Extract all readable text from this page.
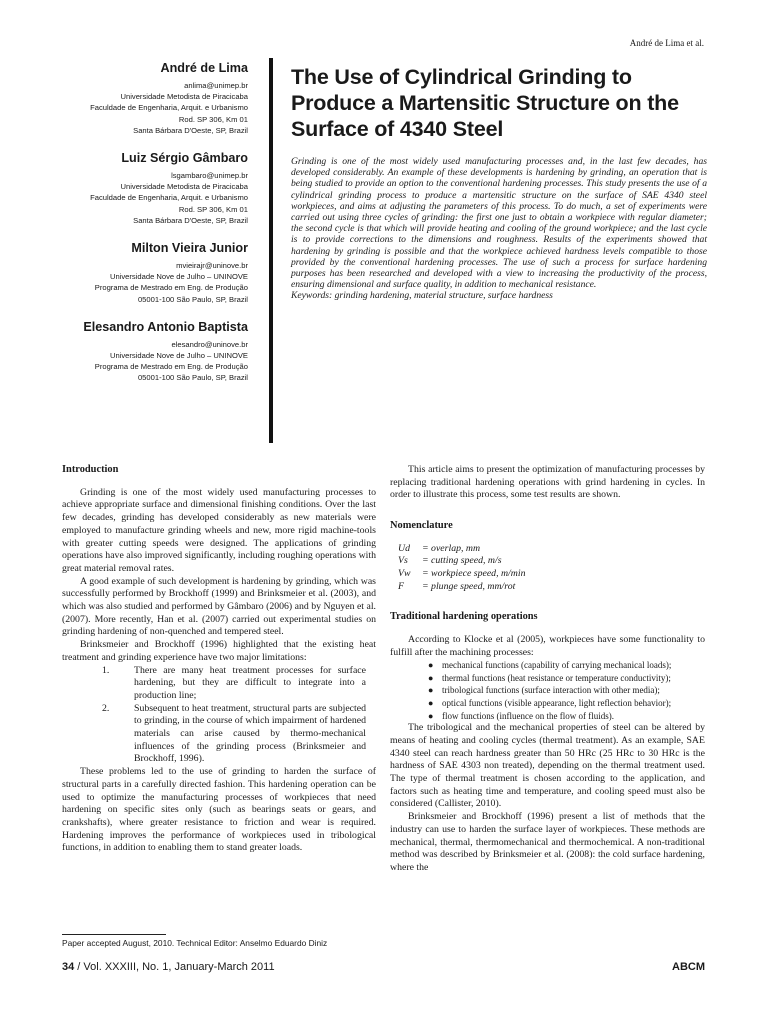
André de Lima et al.
André de Lima
anlima@unimep.br
Universidade Metodista de Piracicaba
Faculdade de Engenharia, Arquit. e Urbanismo
Rod. SP 306, Km 01
Santa Bárbara D'Oeste, SP, Brazil
Luiz Sérgio Gâmbaro
lsgambaro@unimep.br
Universidade Metodista de Piracicaba
Faculdade de Engenharia, Arquit. e Urbanismo
Rod. SP 306, Km 01
Santa Bárbara D'Oeste, SP, Brazil
Milton Vieira Junior
mvieirajr@uninove.br
Universidade Nove de Julho – UNINOVE
Programa de Mestrado em Eng. de Produção
05001-100 São Paulo, SP, Brazil
Elesandro Antonio Baptista
elesandro@uninove.br
Universidade Nove de Julho – UNINOVE
Programa de Mestrado em Eng. de Produção
05001-100 São Paulo, SP, Brazil
The Use of Cylindrical Grinding to Produce a Martensitic Structure on the Surface of 4340 Steel
Grinding is one of the most widely used manufacturing processes and, in the last few decades, has developed considerably. An example of these developments is hardening by grinding, an operation that is being studied to provide an option to the conventional hardening processes. This study presents the use of a cylindrical grinding process to produce a martensitic structure on the surface of SAE 4340 steel workpieces, and aims at adjusting the parameters of this process. To do much, a set of experiments were carried out using three cycles of grinding: the first one just to obtain a workpiece with regular diameter; the second cycle is that which will provide heating and cooling of the ground workpiece; and the last cycle is to provide corrections to the dimensions and roughness. Results of the experiments showed that hardening by grinding is possible and that the workpiece achieved hardness levels compatible to those provided by the conventional hardening processes. The use of such a process for surface hardening purposes has been researched and developed with a view to increasing the productivity of the process, ensuring dimensional and surface quality, in addition to mechanical resistance.
Keywords: grinding hardening, material structure, surface hardness
Introduction

Grinding is one of the most widely used manufacturing processes to achieve appropriate surface and dimensional finishing conditions. Over the last few decades, grinding has developed considerably as new materials were employed to manufacture grinding wheels and new, more rigid machine-tools with greater cutting speeds were designed. The applications of grinding operations have also improved significantly, including roughing operations with great material removal rates.

A good example of such development is hardening by grinding, which was successfully performed by Brockhoff (1999) and Brinksmeier et al. (2003), and which was also studied and performed by Gâmbaro (2006) and by Nguyen et al. (2007). More recently, Han et al. (2007) carried out experimental studies on grinding hardening of non-quenched and tempered steel.

Brinksmeier and Brockhoff (1996) highlighted that the existing heat treatment and grinding experience have two major limitations:

1.	There are many heat treatment processes for surface hardening, but they are difficult to integrate into a production line;
2.	Subsequent to heat treatment, structural parts are subjected to grinding, in the course of which impairment of hardened materials can arise caused by thermo-mechanical influences of the grinding process (Brinksmeier and Brockhoff, 1996).

These problems led to the use of grinding to harden the surface of structural parts in a carefully directed fashion. This hardening operation can be used to optimize the manufacturing processes of workpieces that need hardening on specific sites only (such as bearings seats or gears, and crankshafts), where greater resistance to friction and wear is required. Hardening improves the performance of workpieces used in tribological functions, in addition to enabling them to stand greater loads.

This article aims to present the optimization of manufacturing processes by replacing traditional hardening operations with grind hardening in cycles. In order to illustrate this process, some test results are shown.

Nomenclature
Ud	= overlap, mm
Vs	= cutting speed, m/s
Vw	= workpiece speed, m/min
F	= plunge speed, mm/rot
Traditional hardening operations

According to Klocke et al (2005), workpieces have some functionality to fulfill after the machining processes:

● mechanical functions (capability of carrying mechanical loads);
● thermal functions (heat resistance or temperature conductivity);
● tribological functions (surface interaction with other media);
● optical functions (visible appearance, light reflection behavior);
● flow functions (influence on the flow of fluids).

The tribological and the mechanical properties of steel can be altered by means of heating and cooling cycles (thermal treatment). As an example, SAE 4340 steel can reach hardness greater than 50 HRc (25 HRc to 30 HRc is the hardness of SAE 4303 non treated), depending on the thermal treatment used. The type of thermal treatment is chosen according to the application, and factors such as heating time and temperature, and cooling speed must also be considered (Callister, 2010).

Brinksmeier and Brockhoff (1996) present a list of methods that the industry can use to harden the surface layer of workpieces. These methods are mechanical, thermal, thermomechanical and thermochemical. A non-traditional method was described by Brinksmeier et al. (2008): the cold surface hardening, where the

Paper accepted August, 2010. Technical Editor: Anselmo Eduardo Diniz
34 / Vol. XXXIII, No. 1, January-March 2011	ABCM
